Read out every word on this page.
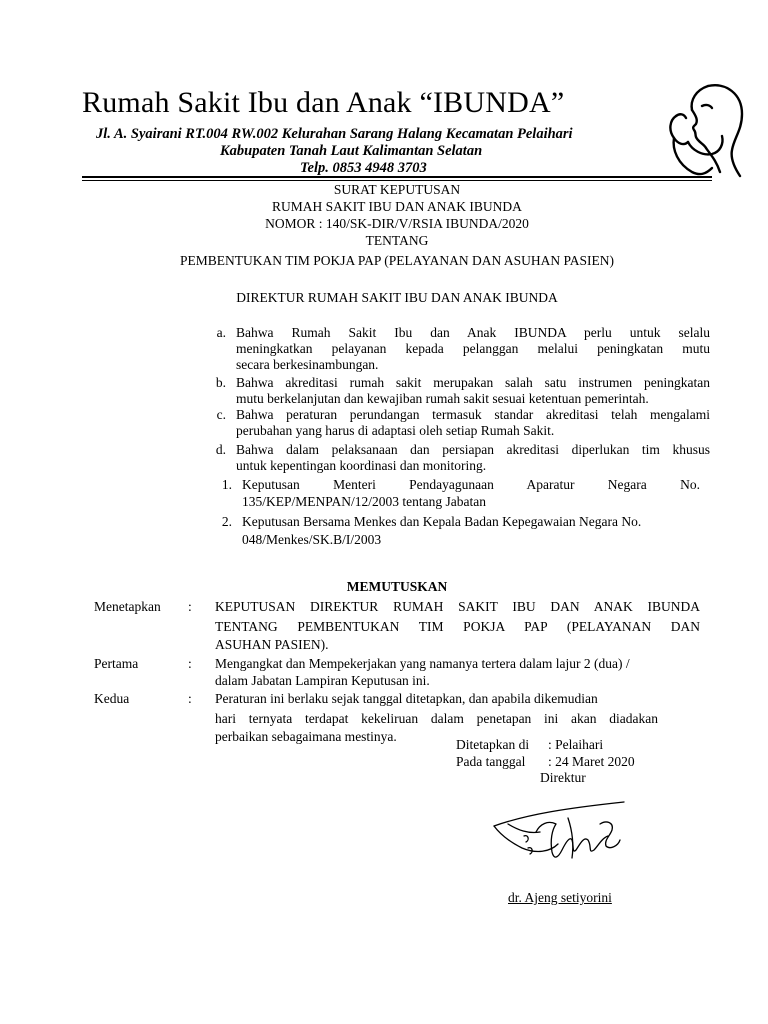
Rumah Sakit Ibu dan Anak “IBUNDA”
Jl. A. Syairani RT.004 RW.002 Kelurahan Sarang Halang Kecamatan Pelaihari
Kabupaten Tanah Laut Kalimantan Selatan
Telp. 0853 4948 3703
SURAT KEPUTUSAN
RUMAH SAKIT IBU DAN ANAK IBUNDA
NOMOR : 140/SK-DIR/V/RSIA IBUNDA/2020
TENTANG
PEMBENTUKAN TIM POKJA PAP (PELAYANAN DAN ASUHAN PASIEN)
DIREKTUR RUMAH SAKIT IBU DAN ANAK IBUNDA
a. Bahwa Rumah Sakit Ibu dan Anak IBUNDA perlu untuk selalu
meningkatkan pelayanan kepada pelanggan melalui peningkatan mutu
secara berkesinambungan.
b. Bahwa akreditasi rumah sakit merupakan salah satu instrumen peningkatan
mutu berkelanjutan dan kewajiban rumah sakit sesuai ketentuan pemerintah.
c. Bahwa peraturan perundangan termasuk standar akreditasi telah mengalami
perubahan yang harus di adaptasi oleh setiap Rumah Sakit.
d. Bahwa dalam pelaksanaan dan persiapan akreditasi diperlukan tim khusus
untuk kepentingan koordinasi dan monitoring.
1. Keputusan Menteri Pendayagunaan Aparatur Negara No.
135/KEP/MENPAN/12/2003 tentang Jabatan
2. Keputusan Bersama Menkes dan Kepala Badan Kepegawaian Negara No.
048/Menkes/SK.B/I/2003
MEMUTUSKAN
Menetapkan : KEPUTUSAN DIREKTUR RUMAH SAKIT IBU DAN ANAK IBUNDA
TENTANG PEMBENTUKAN TIM POKJA PAP (PELAYANAN DAN
ASUHAN PASIEN).
Pertama	: Mengangkat dan Mempekerjakan yang namanya tertera dalam lajur 2 (dua) /
dalam Jabatan Lampiran Keputusan ini.
Kedua	: Peraturan ini berlaku sejak tanggal ditetapkan, dan apabila dikemudian
hari ternyata terdapat kekeliruan dalam penetapan ini akan diadakan
perbaikan sebagaimana mestinya.
Ditetapkan di : Pelaihari
Pada tanggal : 24 Maret 2020
Direktur
dr. Ajeng setiyorini
